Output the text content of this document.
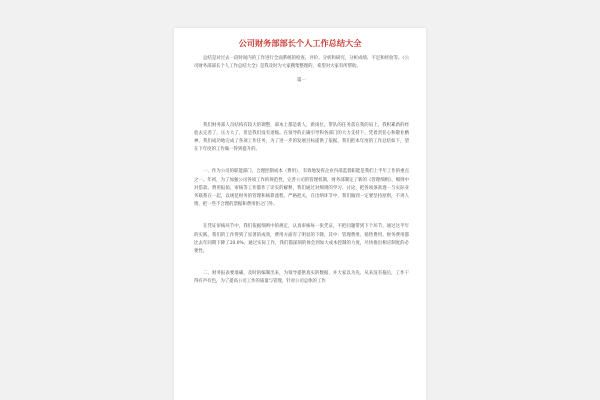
公司财务部部长个人工作总结大全
总结是对过去一段时间内的工作进行全面系统的检查、评价、分析和研究，分析成绩、不足和经验等。《公司财务部部长个人工作总结大全》是我及时为大家搜集整理的，希望对大家有所帮助。
篇一
我们财务部人员结构有较大的调整，部本上都是新人，新岗位，带队的任务落在我的肩上，我积累新的经验去完善了，压力大了，但是我们没有退缩。在领导的正确引导和各部门的大力支持下，凭着责任心和敬业精神，我们成功地完成了各项工作任务，为了进一步的发展目标提供了依据，我们把本年度的工作总结如下，望在下年度的工作做一得到提升的。
一、作为公司的职能部门，合理控制成本（费用），有效地发挥企业内部监督职能是我们上半年工作的重点之一。年初，为了加强公司各项工作的规范性，完善公司的管理机制，财务部制定了新的《管理细则》、细则中对借款、费用报销、审核等工作都作了详实的解释，我们通过对细则的学习、讨论，把各项条款逐一与实际业务联系在一起，以规范财务的管理和核算流程，严格把关，在出纳环节中，我们做到一定要坚持原则，不讲人情，把一些不合理的票据和费用拒之门外。
在凭证审核环节中，我们依据细则中的规定，认真审核每一张凭证，不把问题带到下个环节。通过这半年的实践，我们的工作得到了显著的成效，费用方面有了明显的下降，其中：管理费用、销售费用、财务费用都比去年同期下降了20.0%。通过实际工作，我们都深刻的体会到加大成本控制的力度，尽快推出相应制度的必要性。
二、财务报表要准确，及时的编制出来，为领导提供真实的数据，并大家以为先、从来没有拖后，工作干得有声有色，为了提高公司工作的质量与管理，针对公司总体的工作
